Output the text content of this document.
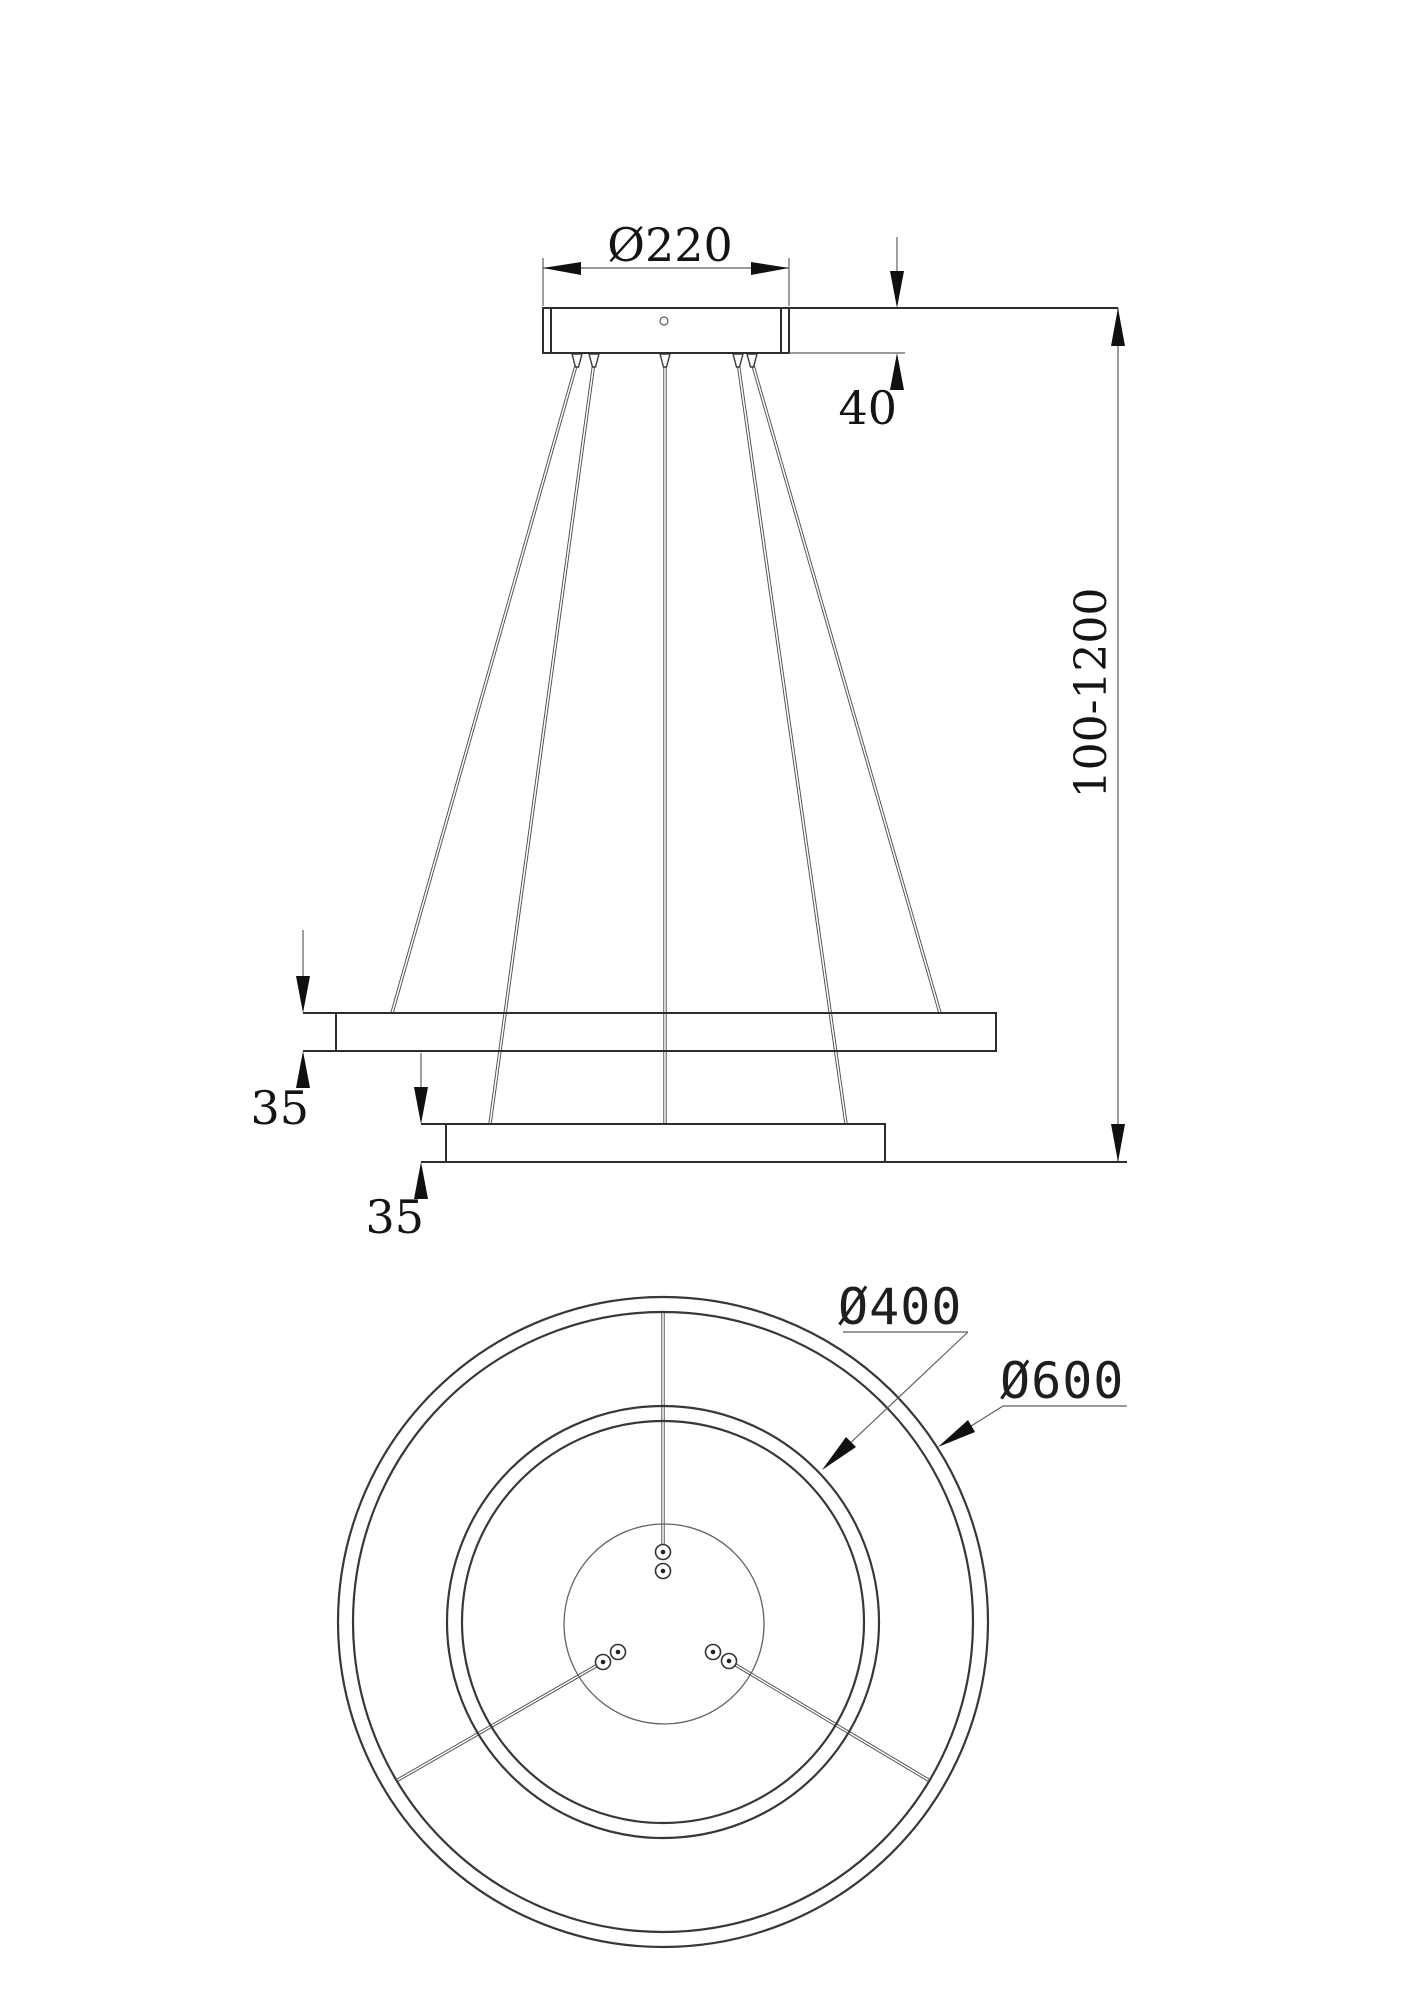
Ø220
40
100-1200
35
35
Ø400
Ø600
